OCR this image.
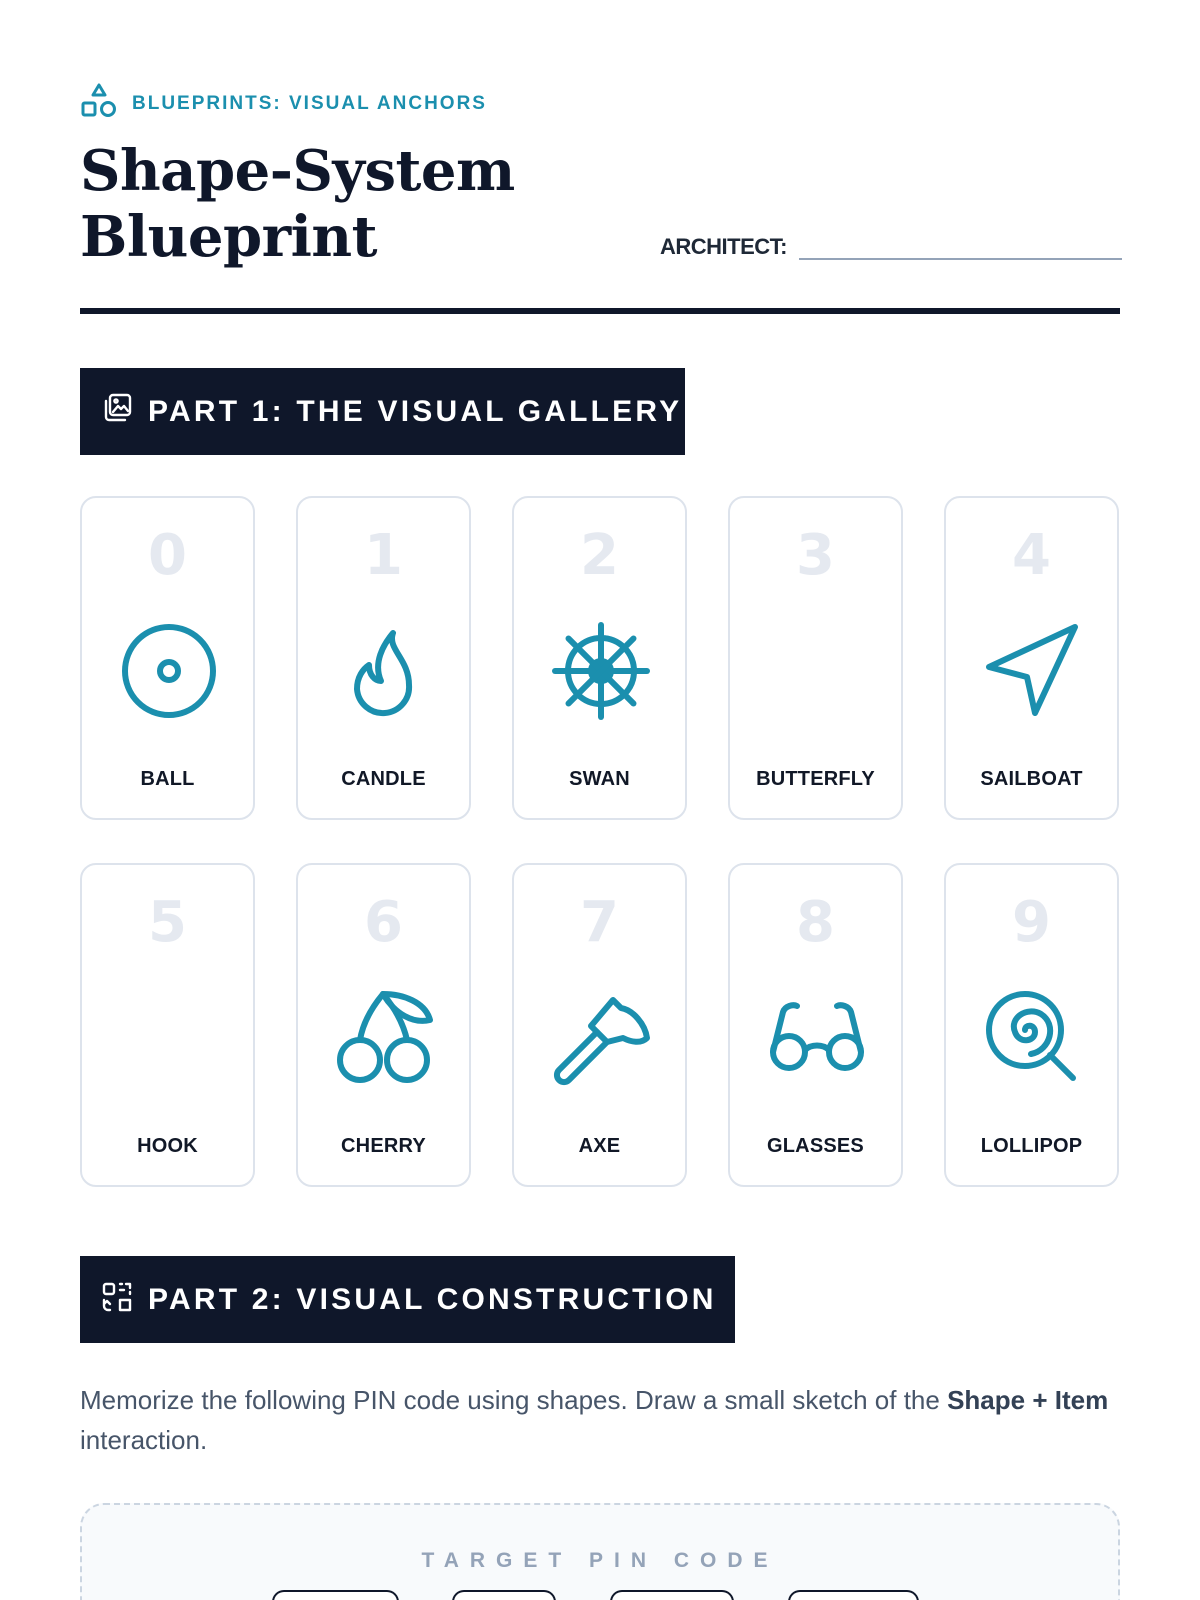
BLUEPRINTS: VISUAL ANCHORS
Shape-System
Blueprint	ARCHITECT:
PART 1: THE VISUAL GALLERY
0
BALL
1
CANDLE
2
SWAN
3
BUTTERFLY
4
SAILBOAT
5
HOOK
6
CHERRY
7
AXE
8
GLASSES
9
LOLLIPOP
PART 2: VISUAL CONSTRUCTION

Memorize the following PIN code using shapes. Draw a small sketch of the Shape + Item interaction.

TARGET PIN CODE
